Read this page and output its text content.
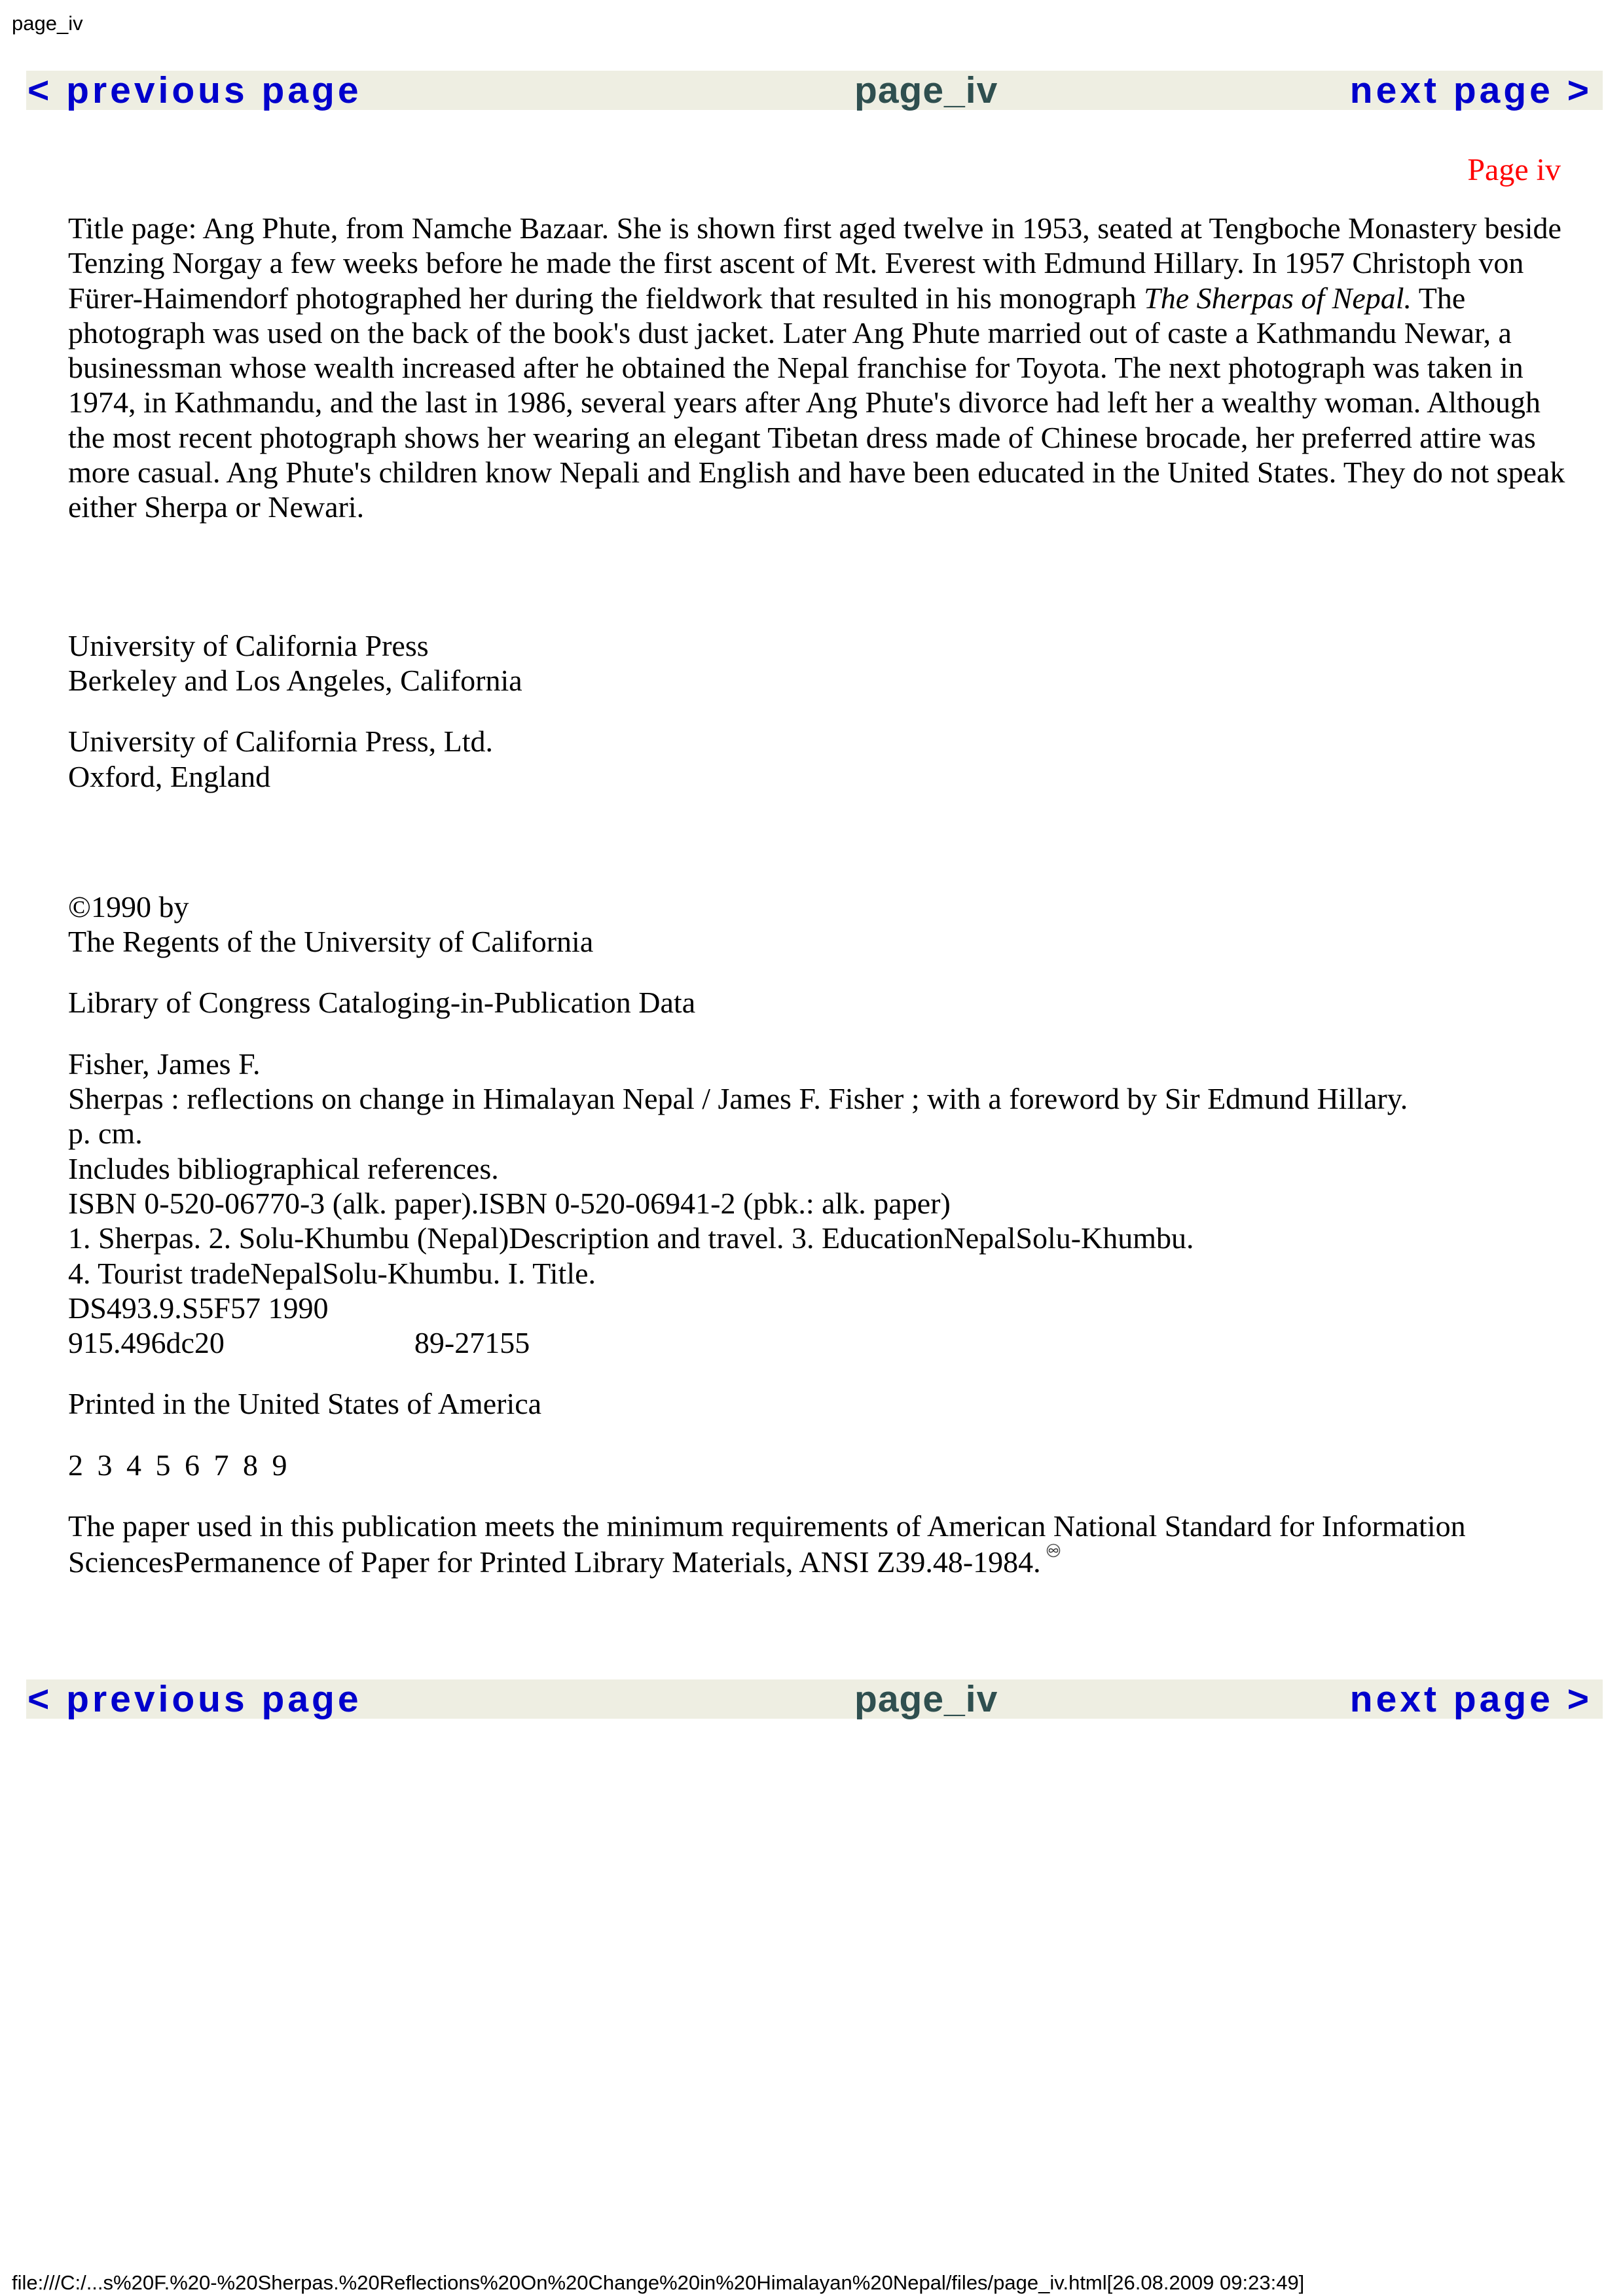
page_iv
< previous page	page_iv	next page >
Page iv

Title page: Ang Phute, from Namche Bazaar. She is shown first aged twelve in 1953, seated at Tengboche Monastery beside Tenzing Norgay a few weeks before he made the first ascent of Mt. Everest with Edmund Hillary. In 1957 Christoph von Fürer-Haimendorf photographed her during the fieldwork that resulted in his monograph The Sherpas of Nepal. The photograph was used on the back of the book's dust jacket. Later Ang Phute married out of caste a Kathmandu Newar, a businessman whose wealth increased after he obtained the Nepal franchise for Toyota. The next photograph was taken in 1974, in Kathmandu, and the last in 1986, several years after Ang Phute's divorce had left her a wealthy woman. Although the most recent photograph shows her wearing an elegant Tibetan dress made of Chinese brocade, her preferred attire was more casual. Ang Phute's children know Nepali and English and have been educated in the United States. They do not speak either Sherpa or Newari.

University of California Press
Berkeley and Los Angeles, California

University of California Press, Ltd.
Oxford, England

©1990 by
The Regents of the University of California

Library of Congress Cataloging-in-Publication Data

Fisher, James F.
Sherpas : reflections on change in Himalayan Nepal / James F. Fisher ; with a foreword by Sir Edmund Hillary.
p. cm.
Includes bibliographical references.
ISBN 0-520-06770-3 (alk. paper).ISBN 0-520-06941-2 (pbk.: alk. paper)
1. Sherpas. 2. Solu-Khumbu (Nepal)Description and travel. 3. EducationNepalSolu-Khumbu.
4. Tourist tradeNepalSolu-Khumbu. I. Title.
DS493.9.S5F57 1990
915.496dc20	89-27155

Printed in the United States of America

2 3 4 5 6 7 8 9

The paper used in this publication meets the minimum requirements of American National Standard for Information SciencesPermanence of Paper for Printed Library Materials, ANSI Z39.48-1984.

< previous page	page_iv	next page >
file:///C:/...s%20F.%20-%20Sherpas.%20Reflections%20On%20Change%20in%20Himalayan%20Nepal/files/page_iv.html[26.08.2009 09:23:49]
